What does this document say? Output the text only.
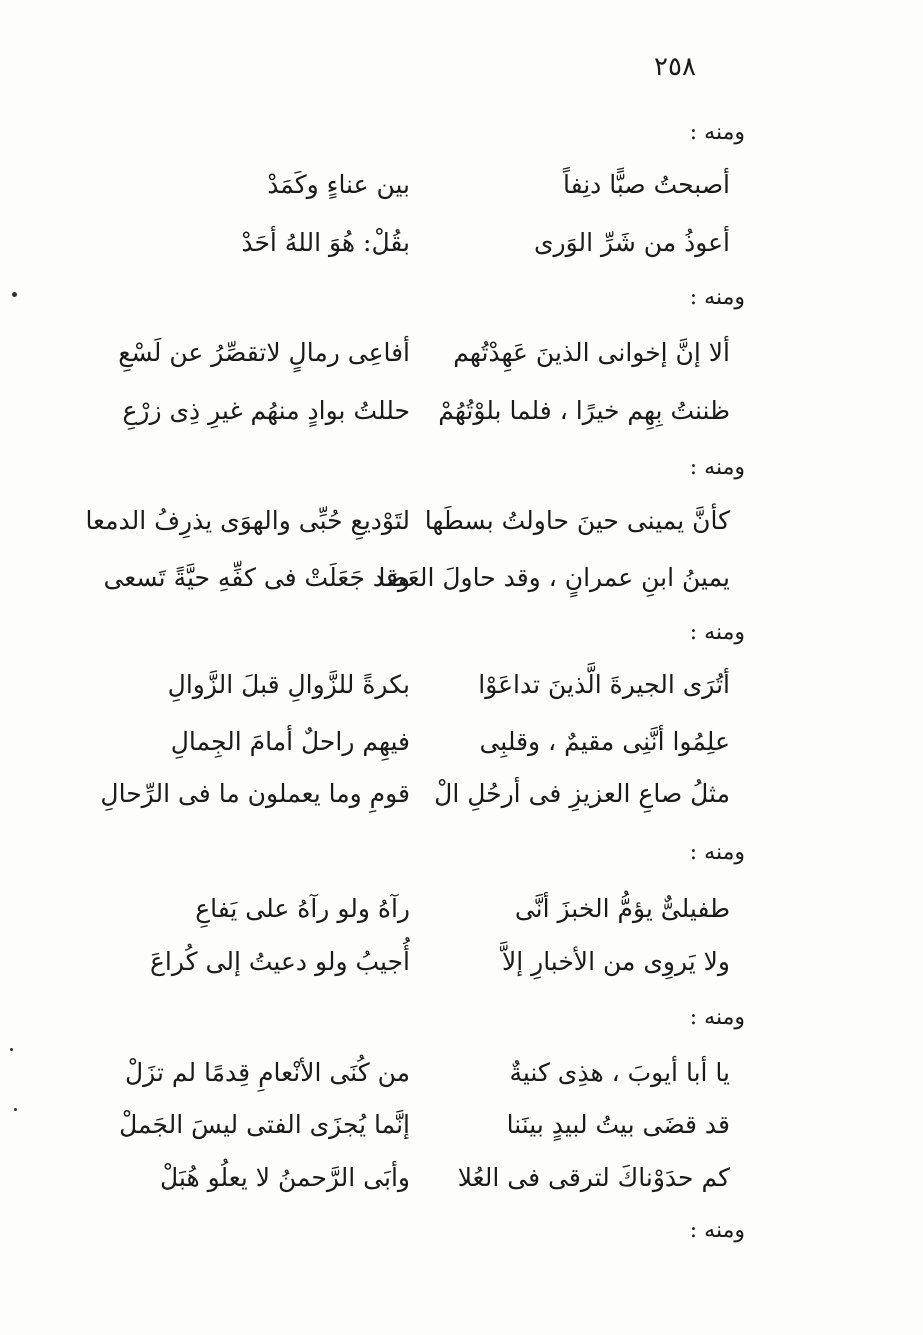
٢٥٨
ومنه :
أصبحتُ صبًّا دنِفاً
بين عناءٍ وكَمَدْ
أعوذُ من شَرِّ الوَرى
بقُلْ: هُوَ اللهُ أحَدْ
ومنه :
ألا إنَّ إخوانى الذينَ عَهِدْتُهم
أفاعِى رمالٍ لاتقصِّرُ عن لَسْعِ
ظننتُ بِهِم خيرًا ، فلما بلوْتُهُمْ
حللتُ بوادٍ منهُم غيرِ ذِى زرْعِ
ومنه :
كأنَّ يمينى حينَ حاولتُ بسطَها
لتَوْديعِ حُبِّى والهوَى يذرِفُ الدمعا
يمينُ ابنِ عمرانٍ ، وقد حاولَ العَصَا
وقد جَعَلَتْ فى كفِّهِ حيَّةً تَسعى
ومنه :
أتُرَى الجيرةَ الَّذينَ تداعَوْا
بكرةً للزَّوالِ قبلَ الزَّوالِ
علِمُوا أنَّنِى مقيمٌ ، وقلبِى
فيهِم راحلٌ أمامَ الجِمالِ
مثلُ صاعِ العزيزِ فى أرحُلِ الْ
قومِ وما يعملون ما فى الرِّحالِ
ومنه :
طفيلىٌّ يؤمُّ الخبزَ أنَّى
رآهُ ولو رآهُ على يَفاعِ
ولا يَروِى من الأخبارِ إلاَّ
أُجيبُ ولو دعيتُ إلى كُراعَ
ومنه :
يا أبا أيوبَ ، هذِى كنيةٌ
من كُنَى الأنْعامِ قِدمًا لم تزَلْ
قد قضَى بيتُ لبيدٍ بينَنا
إنَّما يُجزَى الفتى ليسَ الجَملْ
كم حدَوْناكَ لترقى فى العُلا
وأبَى الرَّحمنُ لا يعلُو هُبَلْ
ومنه :
